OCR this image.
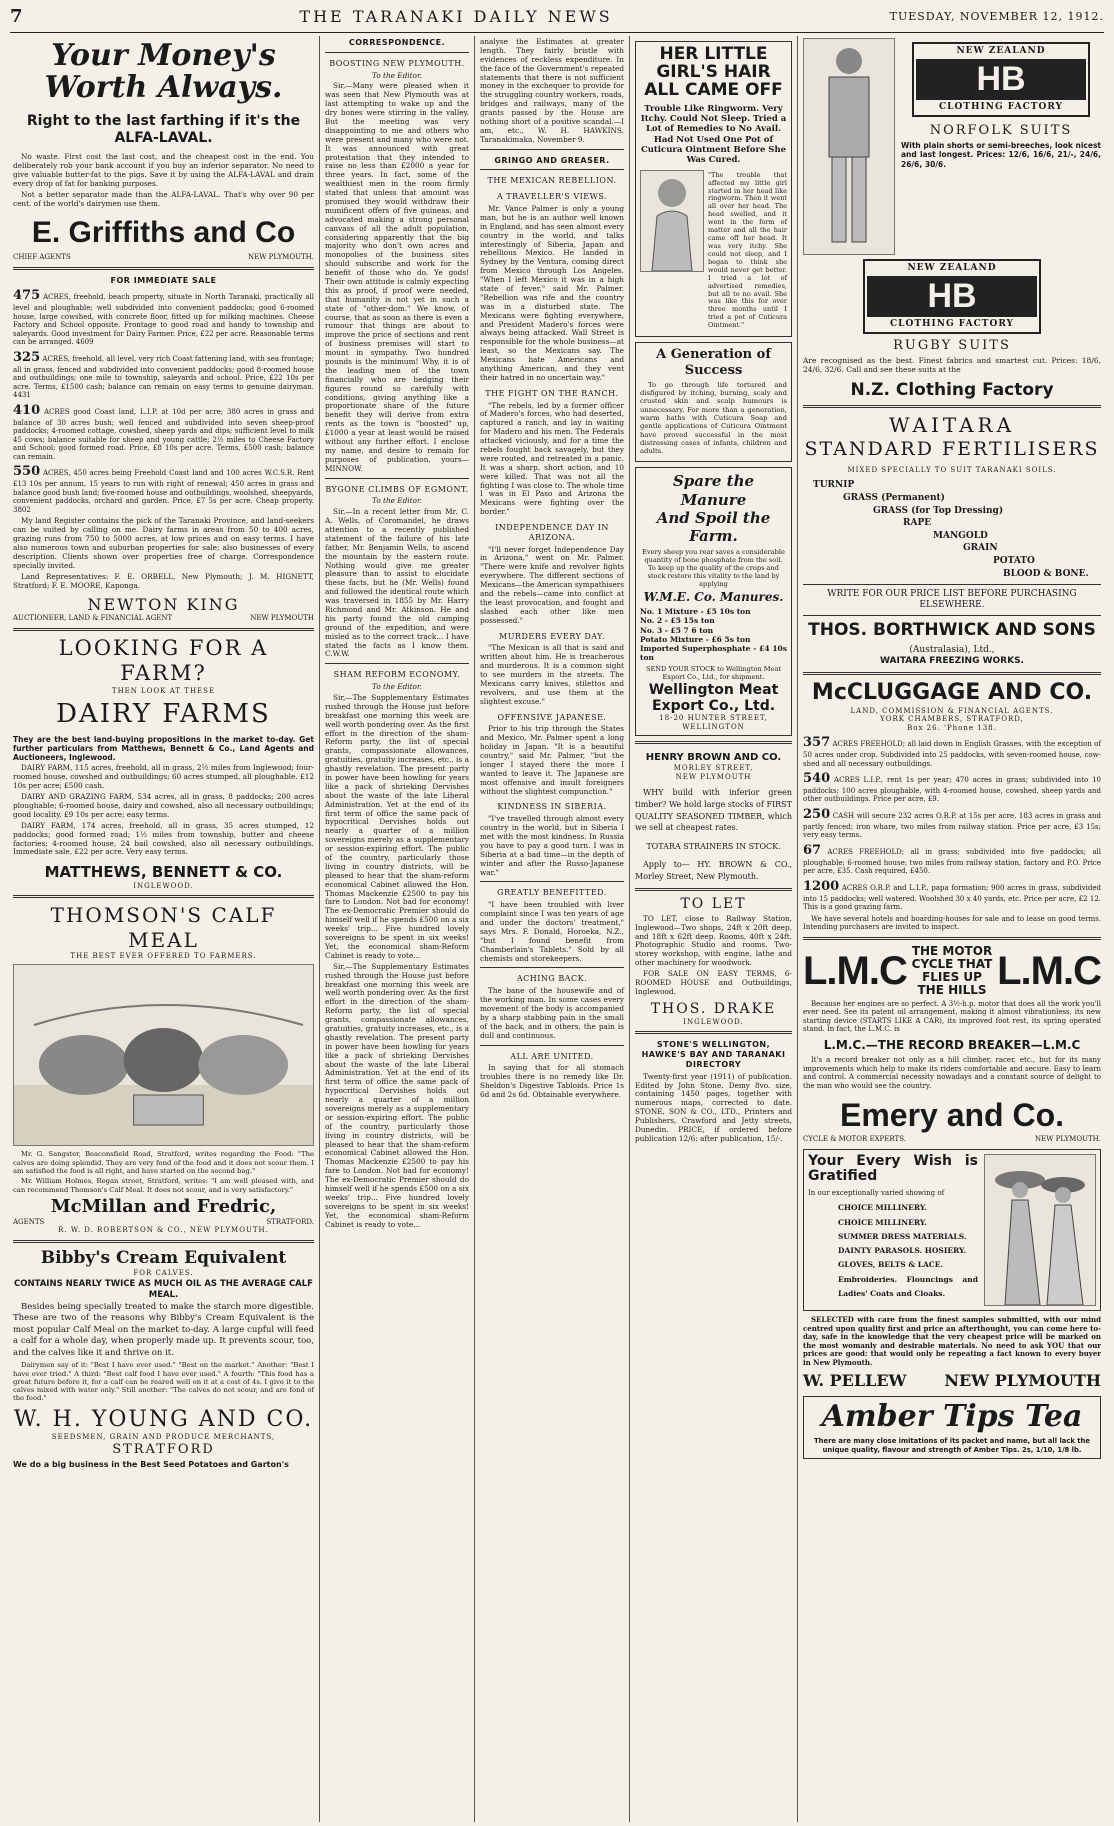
7	THE TARANAKI DAILY NEWS	TUESDAY, NOVEMBER 12, 1912.
Your Money's Worth Always.
Right to the last farthing if it's the ALFA-LAVAL.

No waste. First cost the last cost, and the cheapest cost in the end. You deliberately rob your bank account if you buy an inferior separator. No need to give valuable butter-fat to the pigs. Save it by using the ALFA-LAVAL and drain every drop of fat for banking purposes.

Not a better separator made than the ALFA-LAVAL. That's why over 90 per cent. of the world's dairymen use them.

E. Griffiths and Co
CHIEF AGENTS	NEW PLYMOUTH.
FOR IMMEDIATE SALE
475 ACRES, freehold, beach property, situate in North Taranaki, practically all level and ploughable; well subdivided into convenient paddocks; good 6-roomed house, large cowshed, with concrete floor, fitted up for milking machines. Cheese Factory and School opposite. Frontage to good road and handy to township and saleyards. Good investment for Dairy Farmer. Price, £22 per acre. Reasonable terms can be arranged. 4609
325 ACRES, freehold, all level, very rich Coast fattening land, with sea frontage; all in grass, fenced and subdivided into convenient paddocks; good 8-roomed house and outbuildings; one mile to township, saleyards and school. Price, £22 10s per acre. Terms, £1500 cash; balance can remain on easy terms to genuine dairyman. 4431
410 ACRES good Coast land, L.I.P. at 10d per acre; 380 acres in grass and balance of 30 acres bush; well fenced and subdivided into seven sheep-proof paddocks; 4-roomed cottage, cowshed, sheep yards and dips; sufficient level to milk 45 cows; balance suitable for sheep and young cattle; 2½ miles to Cheese Factory and School; good formed road. Price, £8 10s per acre. Terms, £500 cash; balance can remain.
550 ACRES, 450 acres being Freehold Coast land and 100 acres W.C.S.R. Rent £13 10s per annum, 15 years to run with right of renewal; 450 acres in grass and balance good bush land; five-roomed house and outbuildings, woolshed, sheepyards, convenient paddocks, orchard and garden. Price, £7 5s per acre. Cheap property. 3802

My land Register contains the pick of the Taranaki Province, and land-seekers can be suited by calling on me. Dairy farms in areas from 50 to 400 acres, grazing runs from 750 to 5000 acres, at low prices and on easy terms. I have also numerous town and suburban properties for sale; also businesses of every description. Clients shown over properties free of charge. Correspondence specially invited.

Land Representatives: F. E. ORBELL, New Plymouth; J. M. HIGNETT, Stratford; F. E. MOORE, Kaponga.

NEWTON KING
AUCTIONEER, LAND & FINANCIAL AGENT	NEW PLYMOUTH
LOOKING FOR A FARM?
THEN LOOK AT THESE
DAIRY FARMS

They are the best land-buying propositions in the market to-day. Get further particulars from Matthews, Bennett & Co., Land Agents and Auctioneers, Inglewood.

DAIRY FARM, 115 acres, freehold, all in grass, 2½ miles from Inglewood; four-roomed house, cowshed and outbuildings; 60 acres stumped, all ploughable. £12 10s per acre; £500 cash.

DAIRY AND GRAZING FARM, 534 acres, all in grass, 8 paddocks; 200 acres ploughable; 6-roomed house, dairy and cowshed, also all necessary outbuildings; good locality. £9 10s per acre; easy terms.

DAIRY FARM, 174 acres, freehold, all in grass, 35 acres stumped, 12 paddocks; good formed road; 1½ miles from township, butter and cheese factories; 4-roomed house, 24 bail cowshed, also all necessary outbuildings. Immediate sale, £22 per acre. Very easy terms.

MATTHEWS, BENNETT & CO.
INGLEWOOD.
THOMSON'S CALF MEAL
THE BEST EVER OFFERED TO FARMERS.

Mr. G. Sangster, Beaconsfield Road, Stratford, writes regarding the Food: "The calves are doing splendid. They are very fond of the food and it does not scour them. I am satisfied the food is all right, and have started on the second bag."

Mr. William Holmes, Regan street, Stratford, writes: "I am well pleased with, and can recommend Thomson's Calf Meal. It does not scour, and is very satisfactory."

McMillan and Fredric,
AGENTS	STRATFORD.
R. W. D. ROBERTSON & CO., NEW PLYMOUTH.
Bibby's Cream Equivalent
FOR CALVES.
CONTAINS NEARLY TWICE AS MUCH OIL AS THE AVERAGE CALF MEAL.

Besides being specially treated to make the starch more digestible. These are two of the reasons why Bibby's Cream Equivalent is the most popular Calf Meal on the market to-day. A large cupful will feed a calf for a whole day, when properly made up. It prevents scour, too, and the calves like it and thrive on it.

Dairymen say of it: "Best I have ever used." "Best on the market." Another: "Best I have ever tried." A third: "Best calf food I have ever used." A fourth: "This food has a great future before it, for a calf can be reared well on it at a cost of 4s. I give it to the calves mixed with water only." Still another: "The calves do not scour, and are fond of the food."

W. H. YOUNG AND CO.
SEEDSMEN, GRAIN AND PRODUCE MERCHANTS,
STRATFORD

We do a big business in the Best Seed Potatoes and Garton's

CORRESPONDENCE.
BOOSTING NEW PLYMOUTH.
To the Editor.

Sir,—Many were pleased when it was seen that New Plymouth was at last attempting to wake up and the dry bones were stirring in the valley. But the meeting was very disappointing to me and others who were present and many who were not. It was announced with great protestation that they intended to raise no less than £2000 a year for three years. In fact, some of the wealthiest men in the room firmly stated that unless that amount was promised they would withdraw their munificent offers of five guineas, and advocated making a strong personal canvass of all the adult population, considering apparently that the big majority who don't own acres and monopolies of the business sites should subscribe and work for the benefit of those who do. Ye gods! Their own attitude is calmly expecting this as proof, if proof were needed, that humanity is not yet in such a state of "other-dom." We know, of course, that as soon as there is even a rumour that things are about to improve the price of sections and rent of business premises will start to mount in sympathy. Two hundred pounds is the minimum! Why, it is of the leading men of the town financially who are hedging their figures round so carefully with conditions, giving anything like a proportionate share of the future benefit they will derive from extra rents as the town is "boosted" up, £1000 a year at least would be raised without any further effort. I enclose my name, and desire to remain for purposes of publication, yours— MINNOW.

BYGONE CLIMBS OF EGMONT.
To the Editor.

Sir,—In a recent letter from Mr. C. A. Wells, of Coromandel, he draws attention to a recently published statement of the failure of his late father, Mr. Benjamin Wells, to ascend the mountain by the eastern route. Nothing would give me greater pleasure than to assist to elucidate these facts, but he (Mr. Wells) found and followed the identical route which was traversed in 1855 by Mr. Harry Richmond and Mr. Atkinson. He and his party found the old camping ground of the expedition, and were misled as to the correct track... I have stated the facts as I know them. C.W.W.

SHAM REFORM ECONOMY.
To the Editor.

Sir,—The Supplementary Estimates rushed through the House just before breakfast one morning this week are well worth pondering over. As the first effort in the direction of the sham-Reform party, the list of special grants, compassionate allowances, gratuities, gratuity increases, etc., is a ghastly revelation. The present party in power have been howling for years like a pack of shrieking Dervishes about the waste of the late Liberal Administration. Yet at the end of its first term of office the same pack of hypocritical Dervishes holds out nearly a quarter of a million sovereigns merely as a supplementary or session-expiring effort. The public of the country, particularly those living in country districts, will be pleased to hear that the sham-reform economical Cabinet allowed the Hon. Thomas Mackenzie £2500 to pay his fare to London. Not bad for economy! The ex-Democratic Premier should do himself well if he spends £500 on a six weeks' trip... Five hundred lovely sovereigns to be spent in six weeks! Yet, the economical sham-Reform Cabinet is ready to vote...

Sir,—The Supplementary Estimates rushed through the House just before breakfast one morning this week are well worth pondering over. As the first effort in the direction of the sham-Reform party, the list of special grants, compassionate allowances, gratuities, gratuity increases, etc., is a ghastly revelation. The present party in power have been howling for years like a pack of shrieking Dervishes about the waste of the late Liberal Administration. Yet at the end of its first term of office the same pack of hypocritical Dervishes holds out nearly a quarter of a million sovereigns merely as a supplementary or session-expiring effort. The public of the country, particularly those living in country districts, will be pleased to hear that the sham-reform economical Cabinet allowed the Hon. Thomas Mackenzie £2500 to pay his fare to London. Not bad for economy! The ex-Democratic Premier should do himself well if he spends £500 on a six weeks' trip... Five hundred lovely sovereigns to be spent in six weeks! Yet, the economical sham-Reform Cabinet is ready to vote...

analyse the Estimates at greater length. They fairly bristle with evidences of reckless expenditure. In the face of the Government's repeated statements that there is not sufficient money in the exchequer to provide for the struggling country workers, roads, bridges and railways, many of the grants passed by the House are nothing short of a positive scandal.—I am, etc., W. H. HAWKINS. Taranakimaka, November 9.

GRINGO AND GREASER.
THE MEXICAN REBELLION.
A TRAVELLER'S VIEWS.

Mr. Vance Palmer is only a young man, but he is an author well known in England, and has seen almost every country in the world, and talks interestingly of Siberia, Japan and rebellious Mexico. He landed in Sydney by the Ventura, coming direct from Mexico through Los Angeles. "When I left Mexico it was in a high state of fever," said Mr. Palmer. "Rebellion was rife and the country was in a disturbed state. The Mexicans were fighting everywhere, and President Madero's forces were always being attacked. Wall Street is responsible for the whole business—at least, so the Mexicans say. The Mexicans hate Americans and anything American, and they vent their hatred in no uncertain way."

THE FIGHT ON THE RANCH.

"The rebels, led by a former officer of Madero's forces, who had deserted, captured a ranch, and lay in waiting for Madero and his men. The Federals attacked viciously, and for a time the rebels fought back savagely, but they were routed, and retreated in a panic. It was a sharp, short action, and 10 were killed. That was not all the fighting I was close to. The whole time I was in El Paso and Arizona the Mexicans were fighting over the border."

INDEPENDENCE DAY IN ARIZONA.

"I'll never forget Independence Day in Arizona," went on Mr. Palmer. "There were knife and revolver fights everywhere. The different sections of Mexicans—the American sympathisers and the rebels—came into conflict at the least provocation, and fought and slashed each other like men possessed."

MURDERS EVERY DAY.

"The Mexican is all that is said and written about him. He is treacherous and murderous. It is a common sight to see murders in the streets. The Mexicans carry knives, stilettos and revolvers, and use them at the slightest excuse."

OFFENSIVE JAPANESE.

Prior to his trip through the States and Mexico, Mr. Palmer spent a long holiday in Japan. "It is a beautiful country," said Mr. Palmer, "but the longer I stayed there the more I wanted to leave it. The Japanese are most offensive and insult foreigners without the slightest compunction."

KINDNESS IN SIBERIA.

"I've travelled through almost every country in the world, but in Siberia I met with the most kindness. In Russia you have to pay a good turn. I was in Siberia at a bad time—in the depth of winter and after the Russo-Japanese war."

GREATLY BENEFITTED.

"I have been troubled with liver complaint since I was ten years of age and under the doctors' treatment," says Mrs. F. Donald, Horoeka, N.Z., "but I found benefit from Chamberlain's Tablets." Sold by all chemists and storekeepers.

ACHING BACK.

The bane of the housewife and of the working man. In some cases every movement of the body is accompanied by a sharp stabbing pain in the small of the back, and in others, the pain is dull and continuous.

ALL ARE UNITED.

In saying that for all stomach troubles there is no remedy like Dr. Sheldon's Digestive Tabloids. Price 1s 6d and 2s 6d. Obtainable everywhere.

HER LITTLE GIRL'S HAIR ALL CAME OFF
Trouble Like Ringworm. Very Itchy. Could Not Sleep. Tried a Lot of Remedies to No Avail. Had Not Used One Pot of Cuticura Ointment Before She Was Cured.

"The trouble that affected my little girl started in her head like ringworm. Then it went all over her head. The head swelled, and it went in the form of matter and all the hair came off her head. It was very itchy. She could not sleep, and I began to think she would never get better. I tried a lot of advertised remedies, but all to no avail. She was like this for over three months until I tried a pot of Cuticura Ointment."

A Generation of Success

To go through life tortured and disfigured by itching, burning, scaly and crusted skin and scalp humours is unnecessary. For more than a generation, warm baths with Cuticura Soap and gentle applications of Cuticura Ointment have proved successful in the most distressing cases of infants, children and adults.

Spare the Manure
And Spoil the Farm.

Every sheep you rear saves a considerable quantity of bone phosphate from the soil. To keep up the quality of the crops and stock restore this vitality to the land by applying

W.M.E. Co. Manures.
No. 1 Mixture - £5 10s ton
No. 2 - £5 15s ton
No. 3 - £5 7 6 ton
Potato Mixture - £6 5s ton
Imported Superphosphate - £4 10s ton

SEND YOUR STOCK to Wellington Meat Export Co., Ltd., for shipment.

Wellington Meat Export Co., Ltd.
18-20 HUNTER STREET, WELLINGTON
HENRY BROWN AND CO.
MORLEY STREET,
NEW PLYMOUTH

WHY build with inferior green timber? We hold large stocks of FIRST QUALITY SEASONED TIMBER, which we sell at cheapest rates.

TOTARA STRAINERS IN STOCK.

Apply to— HY. BROWN & CO., Morley Street, New Plymouth.

TO LET

TO LET, close to Railway Station, Inglewood—Two shops, 24ft x 20ft deep, and 18ft x 62ft deep. Rooms, 40ft x 24ft. Photographic Studio and rooms. Two-storey workshop, with engine, lathe and other machinery for woodwork.

FOR SALE ON EASY TERMS, 6-ROOMED HOUSE and Outbuildings, Inglewood.

THOS. DRAKE
INGLEWOOD.
STONE'S WELLINGTON, HAWKE'S BAY AND TARANAKI DIRECTORY

Twenty-first year (1911) of publication. Edited by John Stone. Demy 8vo. size, containing 1450 pages, together with numerous maps, corrected to date. STONE, SON & CO., LTD., Printers and Publishers, Crawford and Jetty streets, Dunedin. PRICE, if ordered before publication 12/6; after publication, 15/-.

NEW ZEALAND
HB
CLOTHING FACTORY
NORFOLK SUITS

With plain shorts or semi-breeches, look nicest and last longest. Prices: 12/6, 16/6, 21/-, 24/6, 26/6, 30/6.

NEW ZEALAND
HB
CLOTHING FACTORY
RUGBY SUITS

Are recognised as the best. Finest fabrics and smartest cut. Prices: 18/6, 24/6, 32/6. Call and see these suits at the

N.Z. Clothing Factory
WAITARA
STANDARD FERTILISERS
MIXED SPECIALLY TO SUIT TARANAKI SOILS.
TURNIP
GRASS (Permanent)
GRASS (for Top Dressing)
RAPE
MANGOLD
GRAIN
POTATO
BLOOD & BONE.
WRITE FOR OUR PRICE LIST BEFORE PURCHASING ELSEWHERE.
THOS. BORTHWICK AND SONS
(Australasia), Ltd.,
WAITARA FREEZING WORKS.
McCLUGGAGE AND CO.
LAND, COMMISSION & FINANCIAL AGENTS.
YORK CHAMBERS, STRATFORD,
Box 26. 'Phone 138.
357 ACRES FREEHOLD; all laid down in English Grasses, with the exception of 50 acres under crop. Subdivided into 25 paddocks, with seven-roomed house, cow-shed and all necessary outbuildings.
540 ACRES L.I.P., rent 1s per year; 470 acres in grass; subdivided into 10 paddocks; 100 acres ploughable, with 4-roomed house, cowshed, sheep yards and other outbuildings. Price per acre, £9.
250 CASH will secure 232 acres O.R.P. at 15s per acre, 183 acres in grass and partly fenced; iron whare, two miles from railway station. Price per acre, £3 15s; very easy terms.
67 ACRES FREEHOLD; all in grass; subdivided into five paddocks; all ploughable; 6-roomed house; two miles from railway station, factory and P.O. Price per acre, £35. Cash required, £450.
1200 ACRES O.R.P. and L.I.P., papa formation; 900 acres in grass, subdivided into 15 paddocks; well watered. Woolshed 30 x 40 yards, etc. Price per acre, £2 12. This is a good grazing farm.

We have several hotels and boarding-houses for sale and to lease on good terms. Intending purchasers are invited to inspect.

L.M.C THE MOTOR CYCLE THAT FLIES UP THE HILLS L.M.C

Because her engines are so perfect. A 3½-h.p. motor that does all the work you'll ever need. See its patent oil arrangement, making it almost vibrationless, its new starting device (STARTS LIKE A CAR), its improved foot rest, its spring operated stand. In fact, the L.M.C. is

L.M.C.—THE RECORD BREAKER—L.M.C

It's a record breaker not only as a hill climber, racer, etc., but for its many improvements which help to make its riders comfortable and secure. Easy to learn and control. A commercial necessity nowadays and a constant source of delight to the man who would see the country.

Emery and Co.
CYCLE & MOTOR EXPERTS.	NEW PLYMOUTH.
Your Every Wish is Gratified
In our exceptionally varied showing of
CHOICE MILLINERY.
CHOICE MILLINERY.
SUMMER DRESS MATERIALS.
DAINTY PARASOLS. HOSIERY.
GLOVES, BELTS & LACE.
Embroideries. Flouncings and Ladies' Coats and Cloaks.

SELECTED with care from the finest samples submitted, with our mind centred upon quality first and price an afterthought, you can come here to-day, safe in the knowledge that the very cheapest price will be marked on the most womanly and desirable materials. No need to ask YOU that our prices are good: that would only be repeating a fact known to every buyer in New Plymouth.

W. PELLEW NEW PLYMOUTH
Amber Tips Tea

There are many close imitations of its packet and name, but all lack the unique quality, flavour and strength of Amber Tips. 2s, 1/10, 1/8 lb.
